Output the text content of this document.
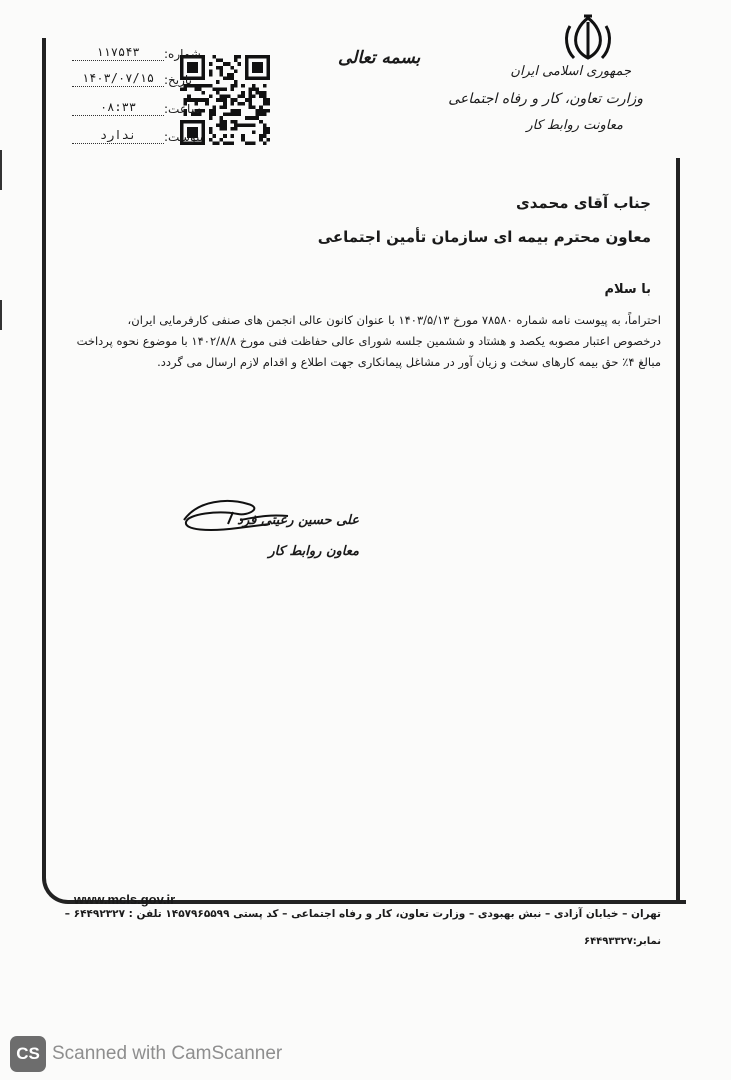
جمهوری اسلامی ایران
وزارت تعاون، کار و رفاه اجتماعی
معاونت روابط کار
بسمه تعالی
شماره:
۱۱۷۵۴۳
تاریخ:
۱۴۰۳/۰۷/۱۵
ساعت:
۰۸:۳۳
پیوست:
ندارد
جناب آقای محمدی
معاون محترم بیمه ای سازمان تأمین اجتماعی
با سلام
احتراماً، به پیوست نامه شماره ۷۸۵۸۰ مورخ ۱۴۰۳/۵/۱۳ با عنوان کانون عالی انجمن های صنفی کارفرمایی ایران،
درخصوص اعتبار مصوبه یکصد و هشتاد و ششمین جلسه شورای عالی حفاظت فنی مورخ ۱۴۰۲/۸/۸ با موضوع نحوه پرداخت
مبالغ ۴٪ حق بیمه کارهای سخت و زیان آور در مشاغل پیمانکاری جهت اطلاع و اقدام لازم ارسال می گردد.
علی حسین رعیتی فرد
معاون روابط کار
www.mcls.gov.ir
تهران – خیابان آزادی – نبش بهبودی – وزارت تعاون، کار و رفاه اجتماعی – کد پستی ۱۴۵۷۹۶۵۵۹۹ تلفن : ۶۴۴۹۲۳۲۷ –
نمابر:۶۴۴۹۳۳۲۷
CS Scanned with CamScanner
